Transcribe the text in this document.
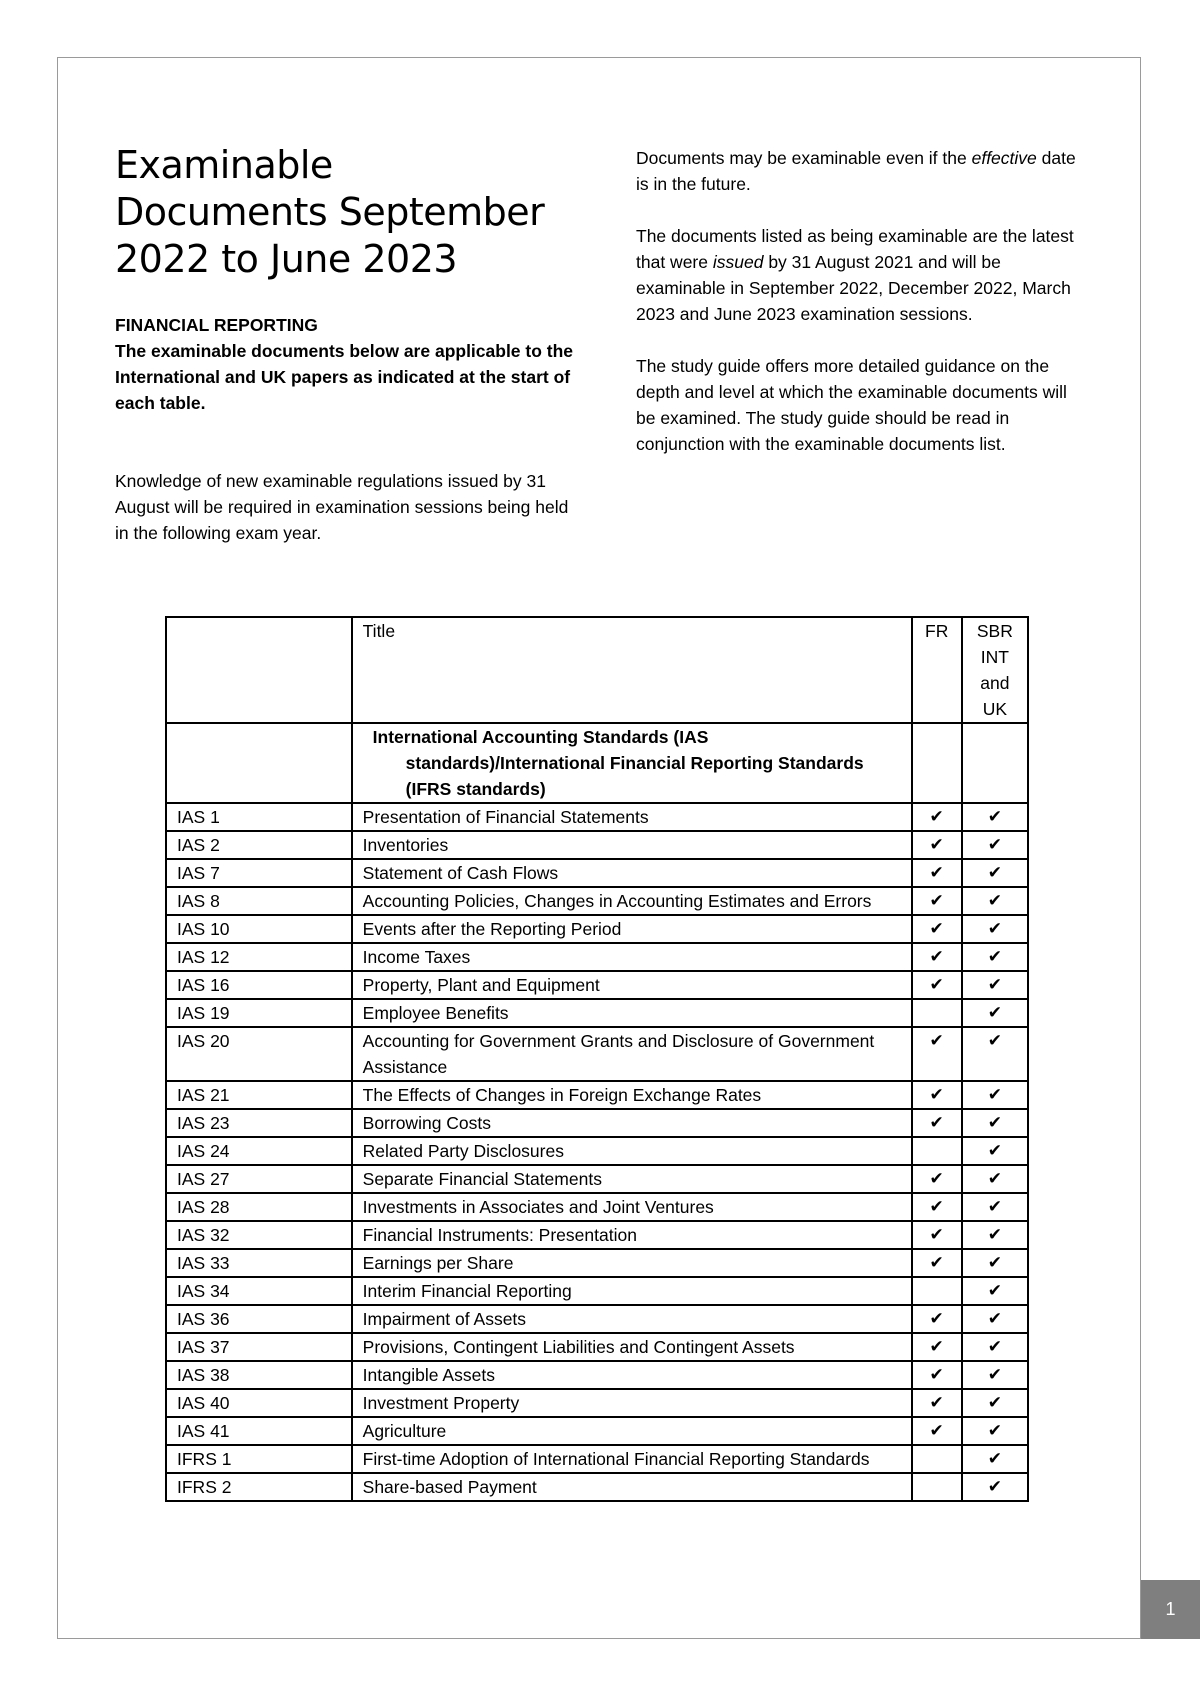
Examinable
Documents September
2022 to June 2023

FINANCIAL REPORTING

The examinable documents below are applicable to the International and UK papers as indicated at the start of each table.

Knowledge of new examinable regulations issued by 31 August will be required in examination sessions being held in the following exam year.

Documents may be examinable even if the effective date is in the future.

The documents listed as being examinable are the latest that were issued by 31 August 2021 and will be examinable in September 2022, December 2022, March 2023 and June 2023 examination sessions.

The study guide offers more detailed guidance on the depth and level at which the examinable documents will be examined. The study guide should be read in conjunction with the examinable documents list.

	Title	FR	SBR
INT
and
UK

	International Accounting Standards (IAS standards)/International Financial Reporting Standards (IFRS standards)		

IAS 1	Presentation of Financial Statements	✔	✔
IAS 2	Inventories	✔	✔
IAS 7	Statement of Cash Flows	✔	✔
IAS 8	Accounting Policies, Changes in Accounting Estimates and Errors	✔	✔
IAS 10	Events after the Reporting Period	✔	✔
IAS 12	Income Taxes	✔	✔
IAS 16	Property, Plant and Equipment	✔	✔
IAS 19	Employee Benefits		✔
IAS 20	Accounting for Government Grants and Disclosure of Government Assistance	✔	✔
IAS 21	The Effects of Changes in Foreign Exchange Rates	✔	✔
IAS 23	Borrowing Costs	✔	✔
IAS 24	Related Party Disclosures		✔
IAS 27	Separate Financial Statements	✔	✔
IAS 28	Investments in Associates and Joint Ventures	✔	✔
IAS 32	Financial Instruments: Presentation	✔	✔
IAS 33	Earnings per Share	✔	✔
IAS 34	Interim Financial Reporting		✔
IAS 36	Impairment of Assets	✔	✔
IAS 37	Provisions, Contingent Liabilities and Contingent Assets	✔	✔
IAS 38	Intangible Assets	✔	✔
IAS 40	Investment Property	✔	✔
IAS 41	Agriculture	✔	✔
IFRS 1	First-time Adoption of International Financial Reporting Standards		✔
IFRS 2	Share-based Payment		✔
1
